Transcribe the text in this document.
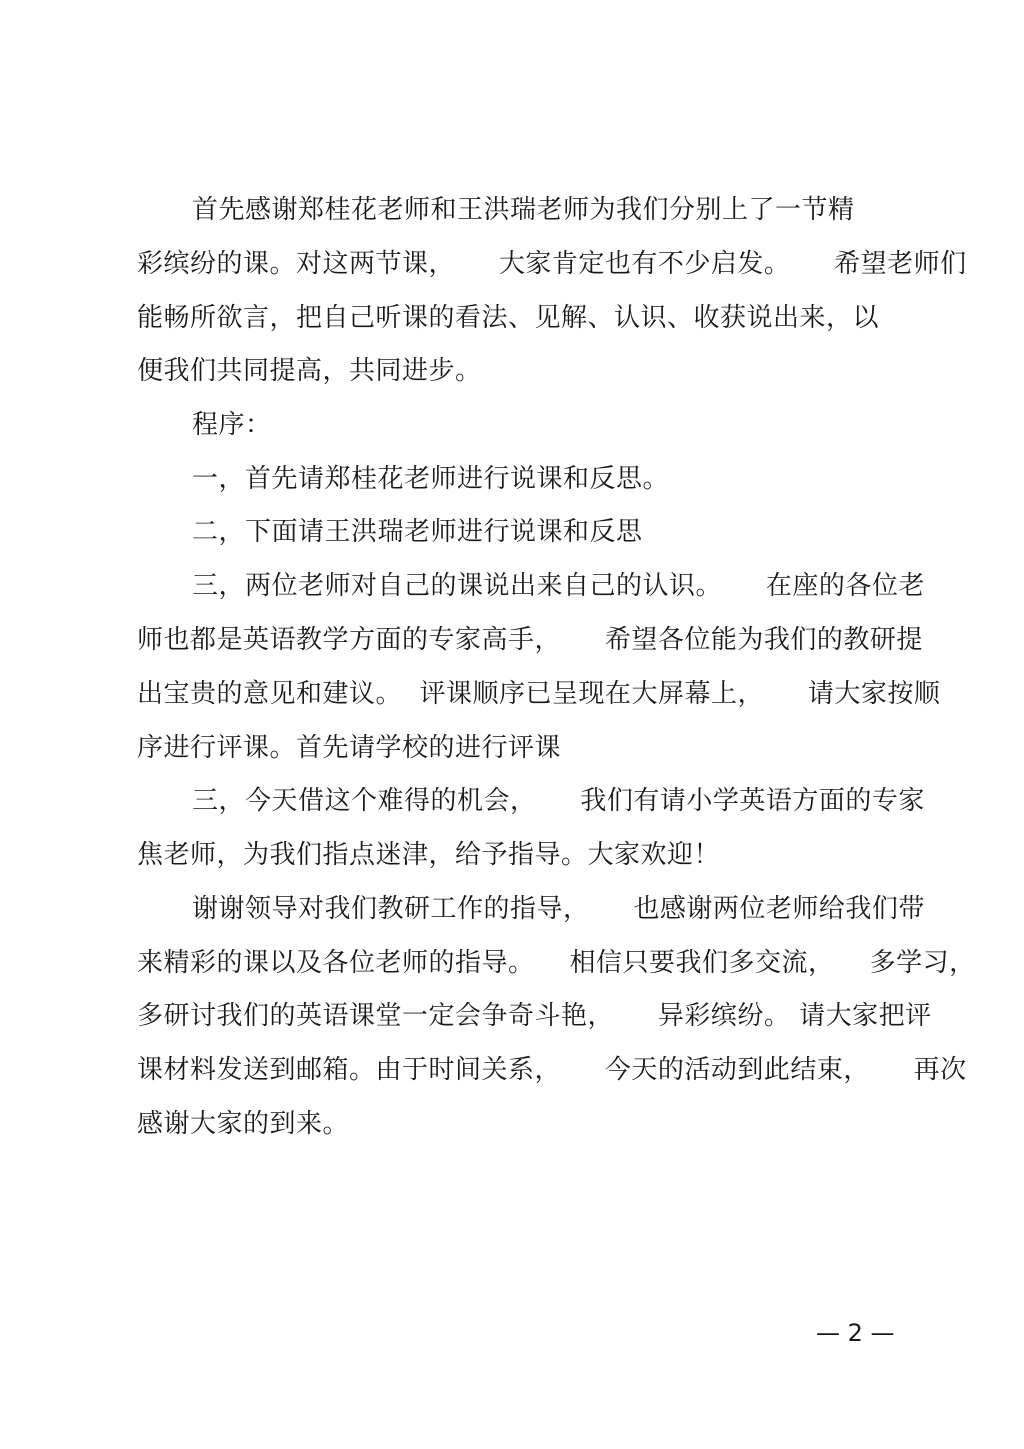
首先感谢郑桂花老师和王洪瑞老师为我们分别上了一节精
彩缤纷的课。对这两节课，     大家肯定也有不少启发。     希望老师们
能畅所欲言，把自己听课的看法、见解、认识、收获说出来，以
便我们共同提高，共同进步。
程序：
一，首先请郑桂花老师进行说课和反思。
二，下面请王洪瑞老师进行说课和反思
三，两位老师对自己的课说出来自己的认识。     在座的各位老
师也都是英语教学方面的专家高手，     希望各位能为我们的教研提
出宝贵的意见和建议。  评课顺序已呈现在大屏幕上，     请大家按顺
序进行评课。首先请学校的进行评课
三，今天借这个难得的机会，     我们有请小学英语方面的专家
焦老师，为我们指点迷津，给予指导。大家欢迎！
谢谢领导对我们教研工作的指导，     也感谢两位老师给我们带
来精彩的课以及各位老师的指导。    相信只要我们多交流，    多学习，
多研讨我们的英语课堂一定会争奇斗艳，     异彩缤纷。 请大家把评
课材料发送到邮箱。由于时间关系，     今天的活动到此结束，     再次
感谢大家的到来。
— 2 —
